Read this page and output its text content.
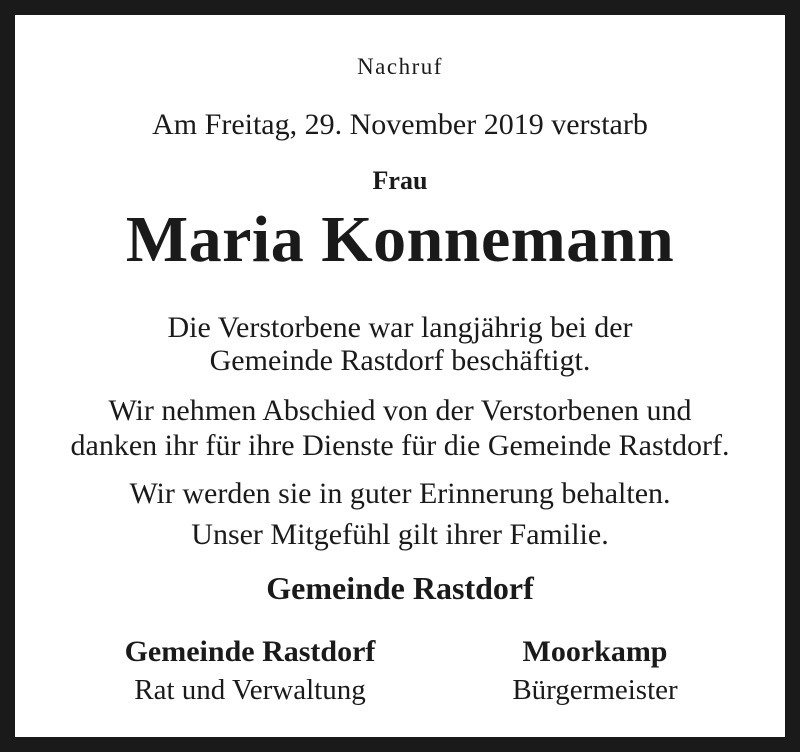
Nachruf
Am Freitag, 29. November 2019 verstarb
Frau
Maria Konnemann
Die Verstorbene war langjährig bei der
Gemeinde Rastdorf beschäftigt.
Wir nehmen Abschied von der Verstorbenen und
danken ihr für ihre Dienste für die Gemeinde Rastdorf.
Wir werden sie in guter Erinnerung behalten.
Unser Mitgefühl gilt ihrer Familie.
Gemeinde Rastdorf
Gemeinde Rastdorf
Rat und Verwaltung
Moorkamp
Bürgermeister
